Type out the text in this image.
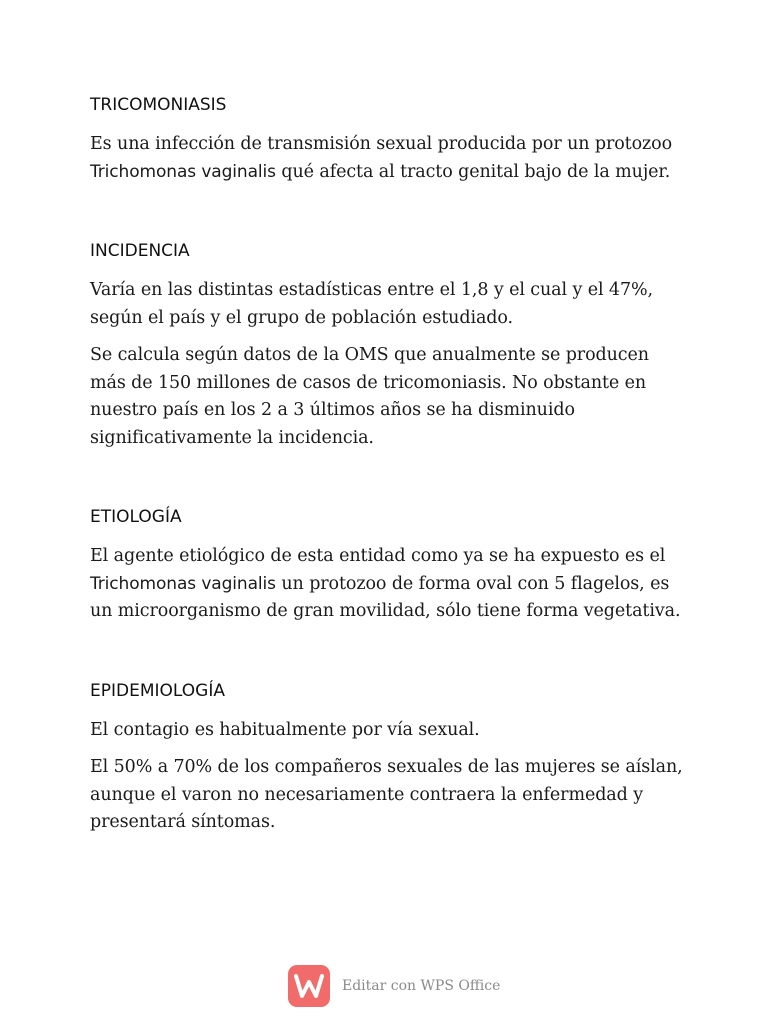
TRICOMONIASIS

Es una infección de transmisión sexual producida por un protozoo Trichomonas vaginalis qué afecta al tracto genital bajo de la mujer.

INCIDENCIA

Varía en las distintas estadísticas entre el 1,8 y el cual y el 47%, según el país y el grupo de población estudiado.

Se calcula según datos de la OMS que anualmente se producen más de 150 millones de casos de tricomoniasis. No obstante en nuestro país en los 2 a 3 últimos años se ha disminuido significativamente la incidencia.

ETIOLOGÍA

El agente etiológico de esta entidad como ya se ha expuesto es el Trichomonas vaginalis un protozoo de forma oval con 5 flagelos, es un microorganismo de gran movilidad, sólo tiene forma vegetativa.

EPIDEMIOLOGÍA

El contagio es habitualmente por vía sexual.

El 50% a 70% de los compañeros sexuales de las mujeres se aíslan, aunque el varon no necesariamente contraera la enfermedad y presentará síntomas.

Editar con WPS Office
